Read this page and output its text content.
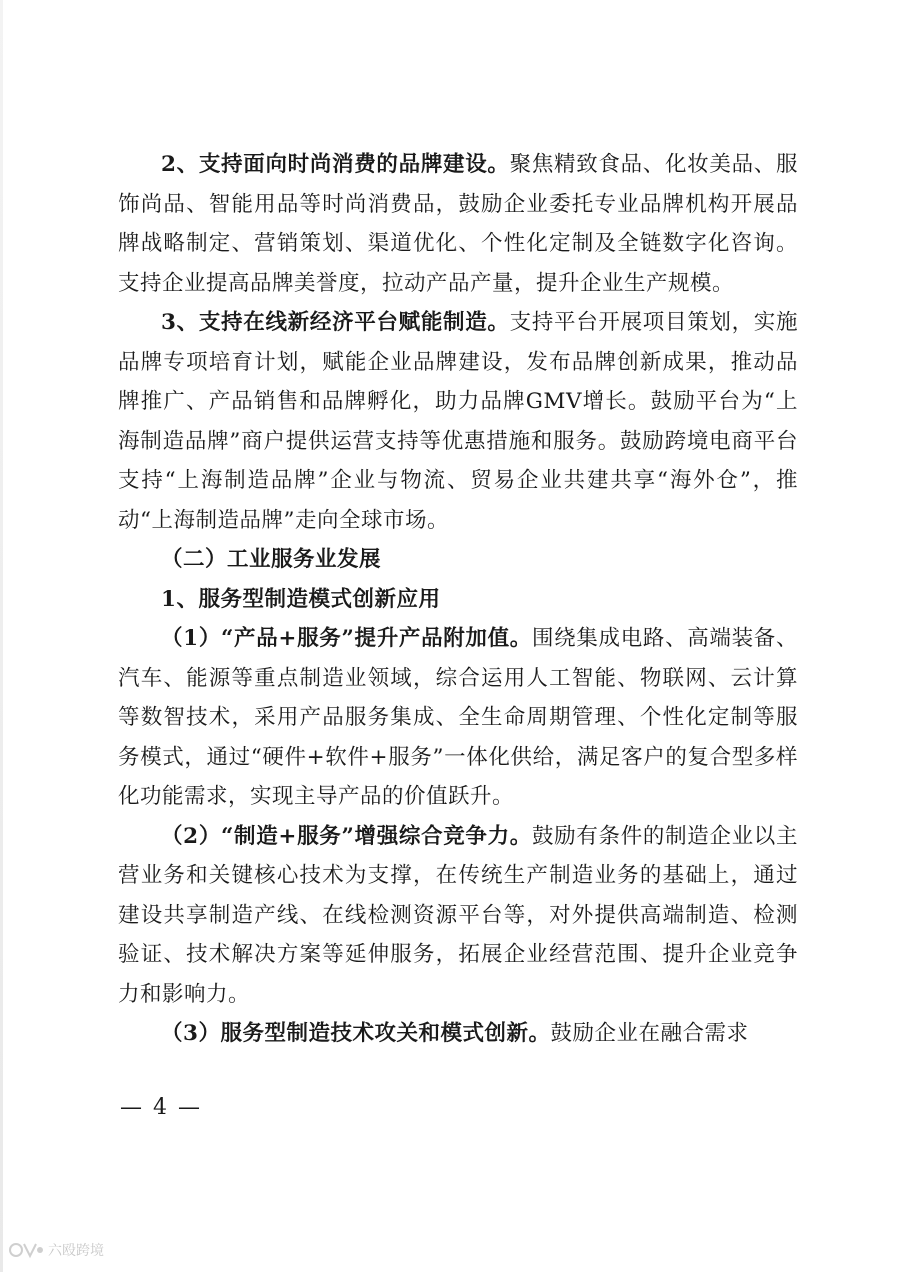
2、支持面向时尚消费的品牌建设。聚焦精致食品、化妆美品、服饰尚品、智能用品等时尚消费品，鼓励企业委托专业品牌机构开展品牌战略制定、营销策划、渠道优化、个性化定制及全链数字化咨询。支持企业提高品牌美誉度，拉动产品产量，提升企业生产规模。

3、支持在线新经济平台赋能制造。支持平台开展项目策划，实施品牌专项培育计划，赋能企业品牌建设，发布品牌创新成果，推动品牌推广、产品销售和品牌孵化，助力品牌GMV增长。鼓励平台为“上海制造品牌”商户提供运营支持等优惠措施和服务。鼓励跨境电商平台支持“上海制造品牌”企业与物流、贸易企业共建共享“海外仓”，推动“上海制造品牌”走向全球市场。

（二）工业服务业发展

1、服务型制造模式创新应用

（1）“产品+服务”提升产品附加值。围绕集成电路、高端装备、汽车、能源等重点制造业领域，综合运用人工智能、物联网、云计算等数智技术，采用产品服务集成、全生命周期管理、个性化定制等服务模式，通过“硬件+软件+服务”一体化供给，满足客户的复合型多样化功能需求，实现主导产品的价值跃升。

（2）“制造+服务”增强综合竞争力。鼓励有条件的制造企业以主营业务和关键核心技术为支撑，在传统生产制造业务的基础上，通过建设共享制造产线、在线检测资源平台等，对外提供高端制造、检测验证、技术解决方案等延伸服务，拓展企业经营范围、提升企业竞争力和影响力。

（3）服务型制造技术攻关和模式创新。鼓励企业在融合需求

— 4 —
六殴跨境
